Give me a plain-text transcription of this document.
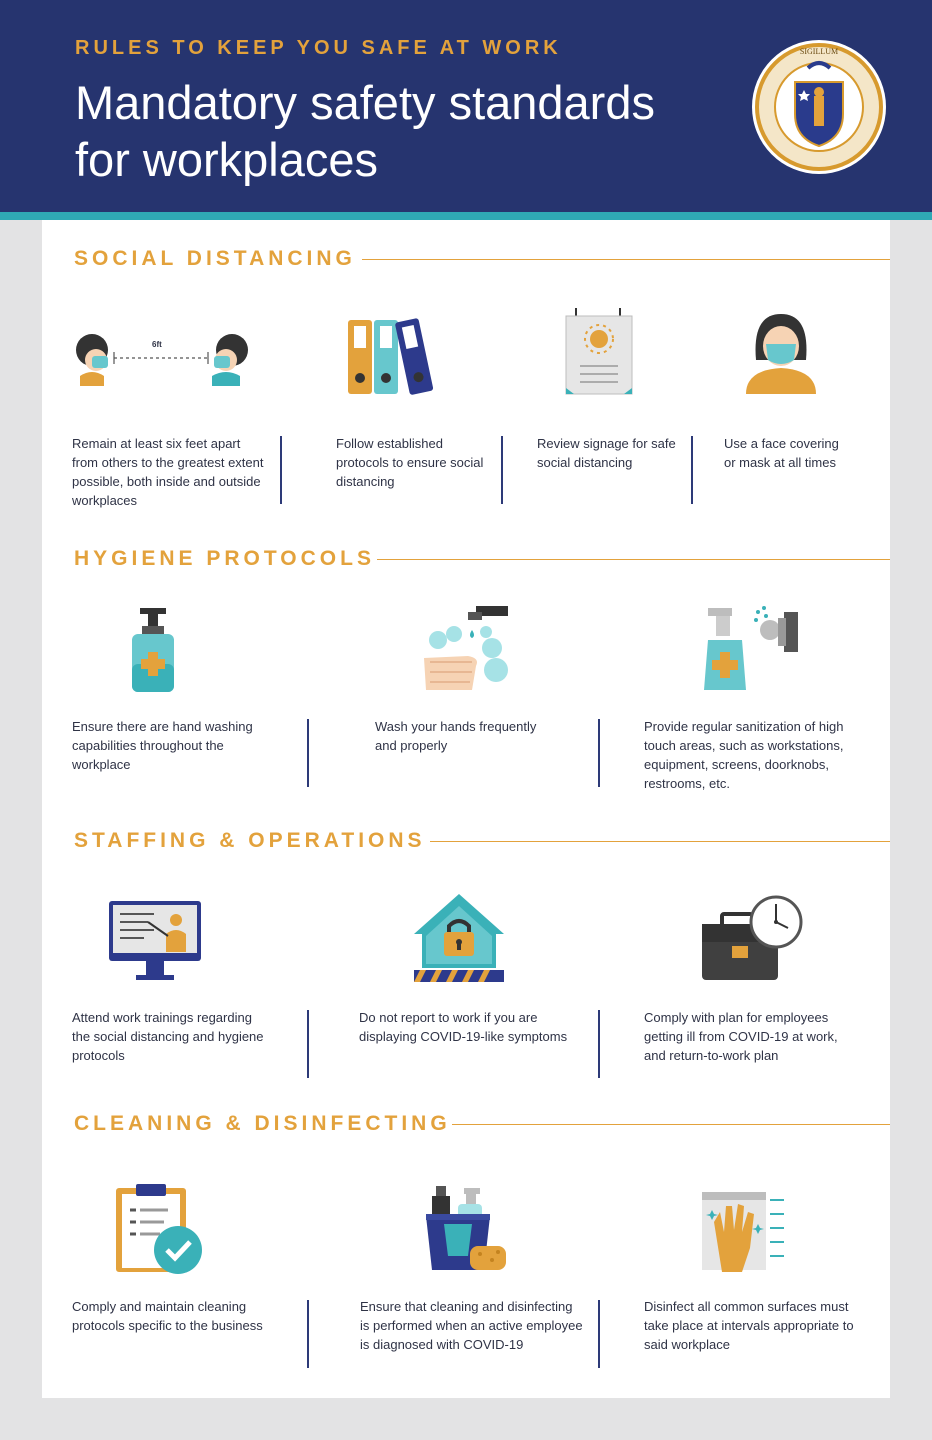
RULES TO KEEP YOU SAFE AT WORK
Mandatory safety standards for workplaces
SIGILLUM
SOCIAL DISTANCING
6ft
Remain at least six feet apart from others to the greatest extent possible, both inside and outside workplaces
Follow established protocols to ensure social distancing
Review signage for safe social distancing
Use a face covering or mask at all times
HYGIENE PROTOCOLS
Ensure there are hand washing capabilities throughout the workplace
Wash your hands frequently and properly
Provide regular sanitization of high touch areas, such as workstations, equipment, screens, doorknobs, restrooms, etc.
STAFFING & OPERATIONS
Attend work trainings regarding the social distancing and hygiene protocols
Do not report to work if you are displaying COVID-19-like symptoms
Comply with plan for employees getting ill from COVID-19 at work, and return-to-work plan
CLEANING & DISINFECTING
Comply and maintain cleaning protocols specific to the business
Ensure that cleaning and disinfecting is performed when an active employee is diagnosed with COVID-19
Disinfect all common surfaces must take place at intervals appropriate to said workplace
